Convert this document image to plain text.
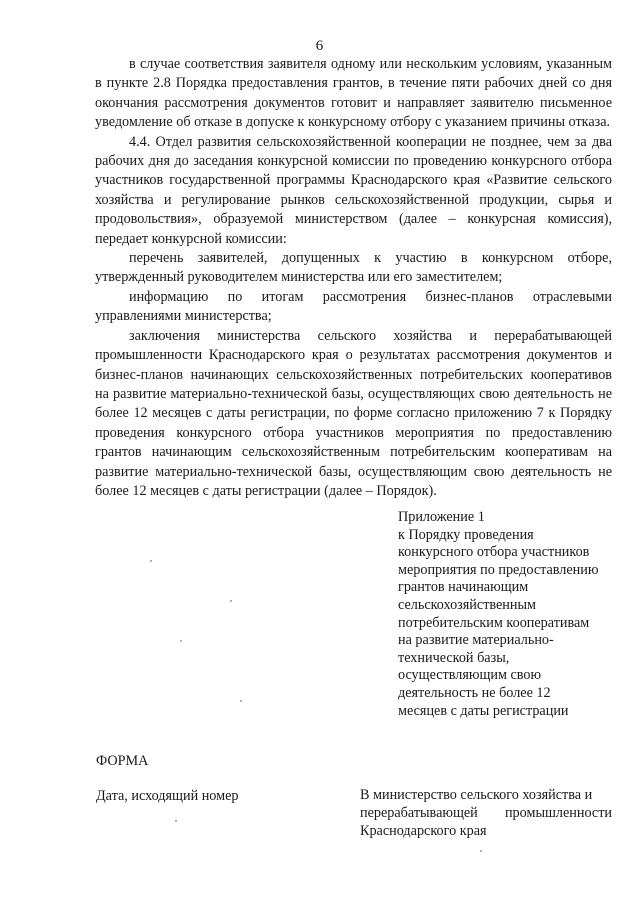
6

в случае соответствия заявителя одному или нескольким условиям, указанным в пункте 2.8 Порядка предоставления грантов, в течение пяти рабочих дней со дня окончания рассмотрения документов готовит и направляет заявителю письменное уведомление об отказе в допуске к конкурсному отбору с указанием причины отказа.

4.4. Отдел развития сельскохозяйственной кооперации не позднее, чем за два рабочих дня до заседания конкурсной комиссии по проведению конкурсного отбора участников государственной программы Краснодарского края «Развитие сельского хозяйства и регулирование рынков сельскохозяйственной продукции, сырья и продовольствия», образуемой министерством (далее – конкурсная комиссия), передает конкурсной комиссии:

перечень заявителей, допущенных к участию в конкурсном отборе, утвержденный руководителем министерства или его заместителем;

информацию по итогам рассмотрения бизнес-планов отраслевыми управлениями министерства;

заключения министерства сельского хозяйства и перерабатывающей промышленности Краснодарского края о результатах рассмотрения документов и бизнес-планов начинающих сельскохозяйственных потребительских кооперативов на развитие материально-технической базы, осуществляющих свою деятельность не более 12 месяцев с даты регистрации, по форме согласно приложению 7 к Порядку проведения конкурсного отбора участников мероприятия по предоставлению грантов начинающим сельскохозяйственным потребительским кооперативам на развитие материально-технической базы, осуществляющим свою деятельность не более 12 месяцев с даты регистрации (далее – Порядок).

Приложение 1
к Порядку проведения
конкурсного отбора участников
мероприятия по предоставлению
грантов начинающим
сельскохозяйственным
потребительским кооперативам
на развитие материально-
технической базы,
осуществляющим свою
деятельность не более 12
месяцев с даты регистрации
ФОРМА
Дата, исходящий номер	В министерство сельского хозяйства и
перерабатывающей промышленности
Краснодарского края
